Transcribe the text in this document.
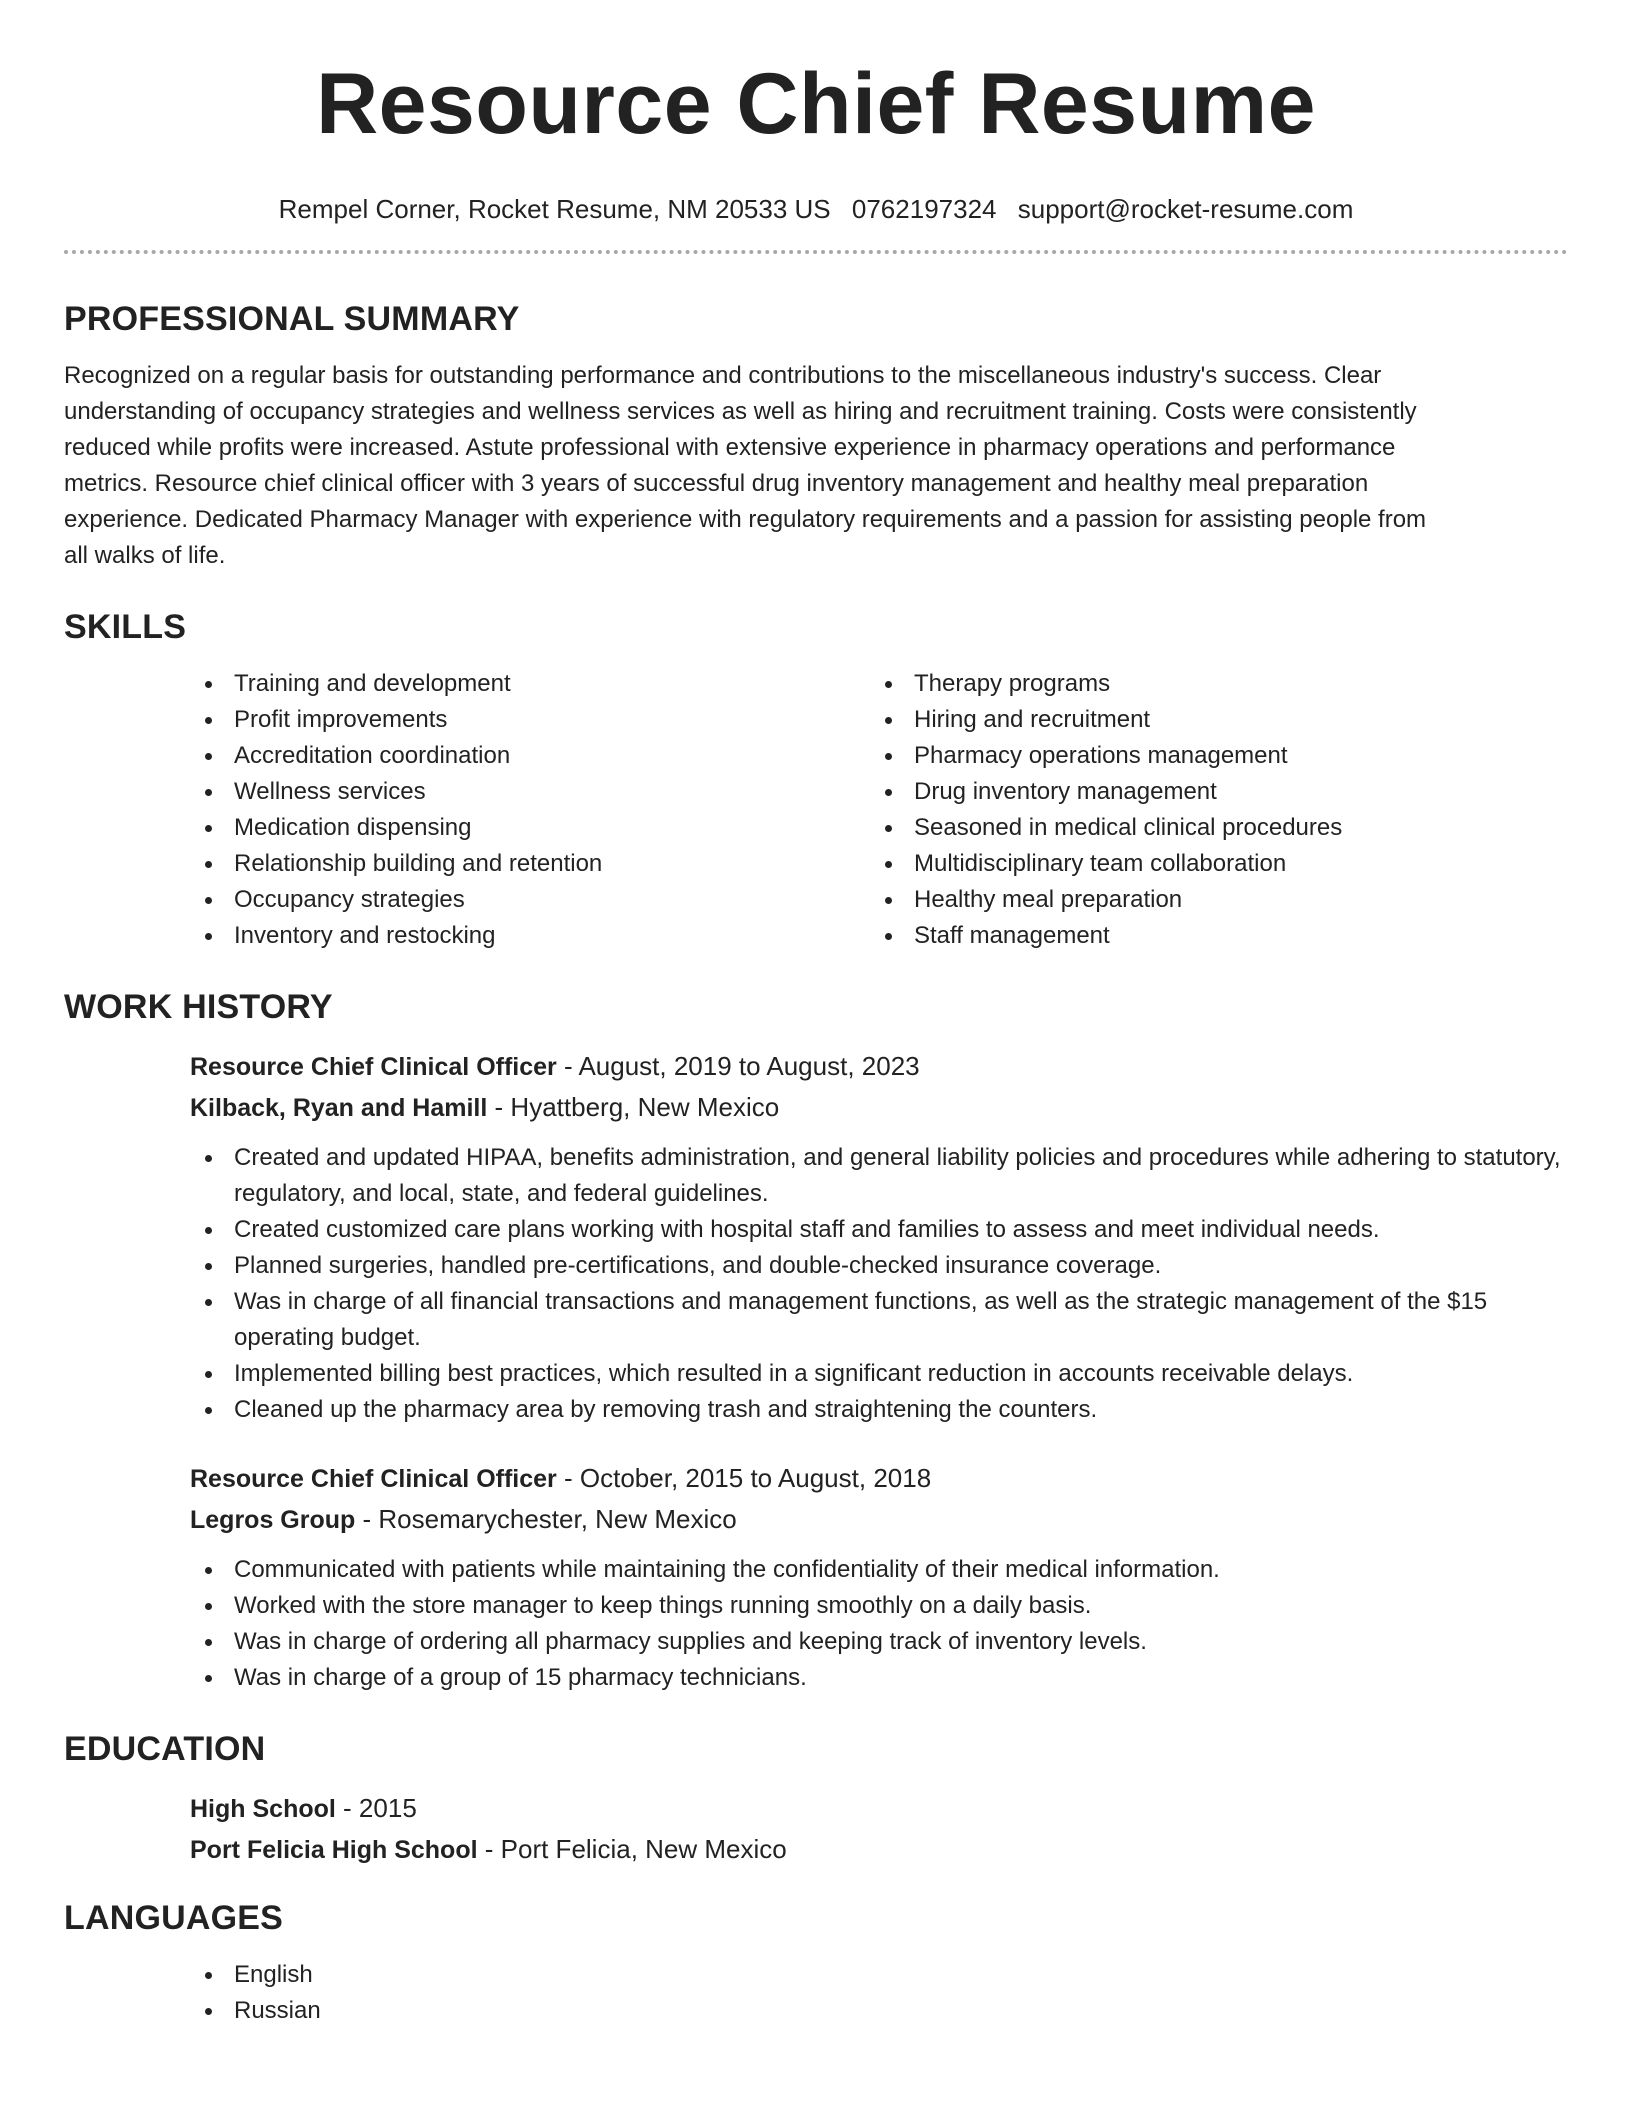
Resource Chief Resume
Rempel Corner, Rocket Resume, NM 20533 US 0762197324 support@rocket-resume.com
PROFESSIONAL SUMMARY

Recognized on a regular basis for outstanding performance and contributions to the miscellaneous industry's success. Clear understanding of occupancy strategies and wellness services as well as hiring and recruitment training. Costs were consistently reduced while profits were increased. Astute professional with extensive experience in pharmacy operations and performance metrics. Resource chief clinical officer with 3 years of successful drug inventory management and healthy meal preparation experience. Dedicated Pharmacy Manager with experience with regulatory requirements and a passion for assisting people from all walks of life.

SKILLS
Training and development
Profit improvements
Accreditation coordination
Wellness services
Medication dispensing
Relationship building and retention
Occupancy strategies
Inventory and restocking
Therapy programs
Hiring and recruitment
Pharmacy operations management
Drug inventory management
Seasoned in medical clinical procedures
Multidisciplinary team collaboration
Healthy meal preparation
Staff management
WORK HISTORY
Resource Chief Clinical Officer - August, 2019 to August, 2023
Kilback, Ryan and Hamill - Hyattberg, New Mexico
Created and updated HIPAA, benefits administration, and general liability policies and procedures while adhering to statutory, regulatory, and local, state, and federal guidelines.
Created customized care plans working with hospital staff and families to assess and meet individual needs.
Planned surgeries, handled pre-certifications, and double-checked insurance coverage.
Was in charge of all financial transactions and management functions, as well as the strategic management of the $15 operating budget.
Implemented billing best practices, which resulted in a significant reduction in accounts receivable delays.
Cleaned up the pharmacy area by removing trash and straightening the counters.
Resource Chief Clinical Officer - October, 2015 to August, 2018
Legros Group - Rosemarychester, New Mexico
Communicated with patients while maintaining the confidentiality of their medical information.
Worked with the store manager to keep things running smoothly on a daily basis.
Was in charge of ordering all pharmacy supplies and keeping track of inventory levels.
Was in charge of a group of 15 pharmacy technicians.
EDUCATION
High School - 2015
Port Felicia High School - Port Felicia, New Mexico
LANGUAGES
English
Russian
